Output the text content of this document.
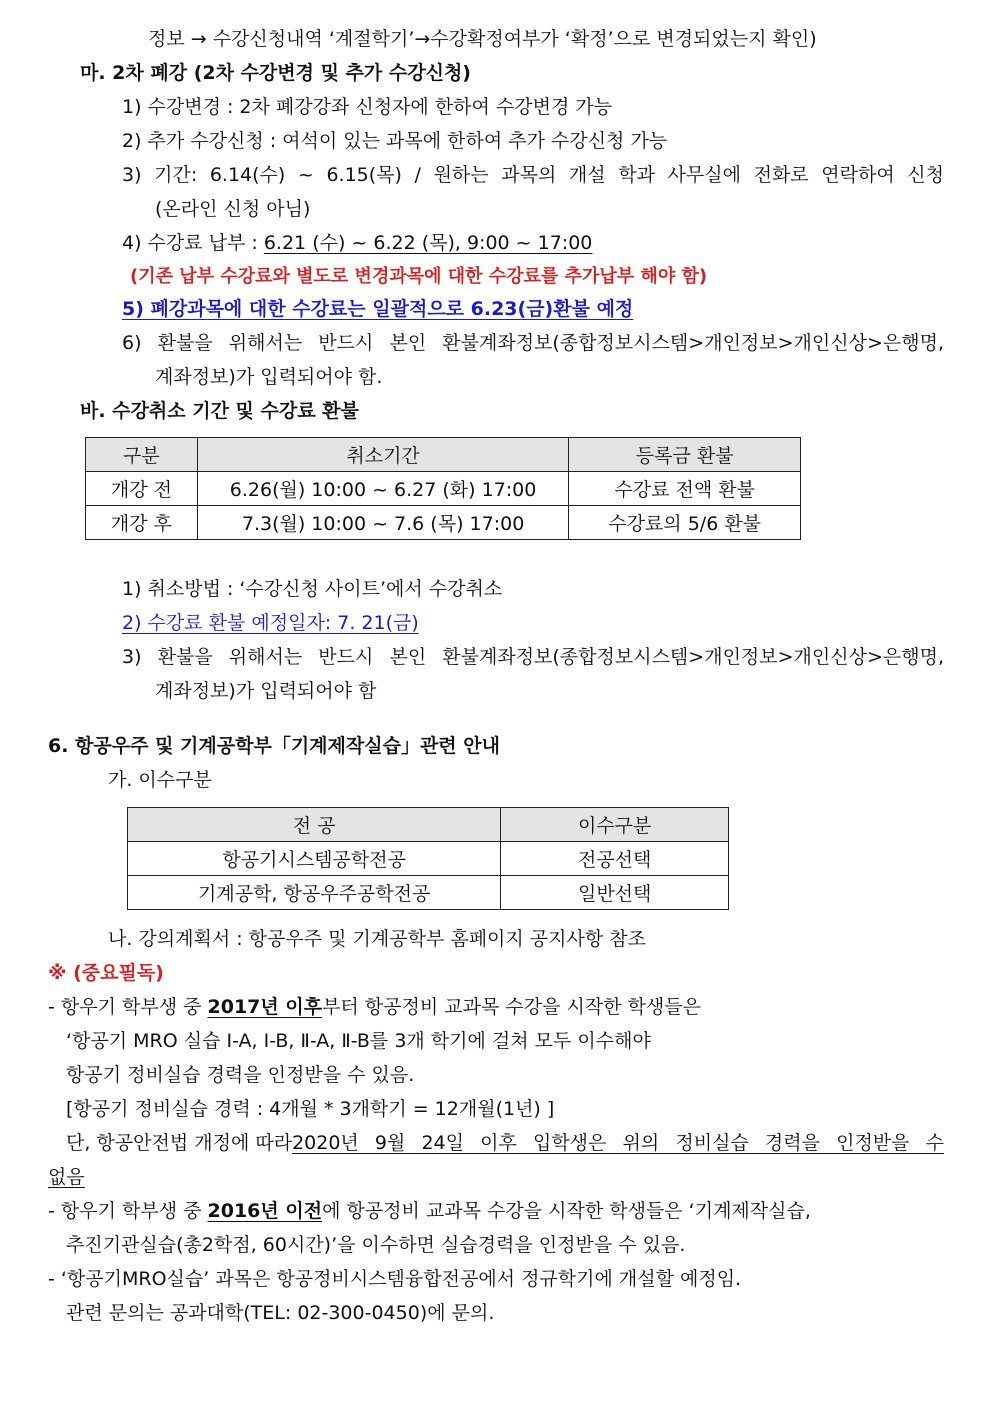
정보 → 수강신청내역 ‘계절학기’→수강확정여부가 ‘확정’으로 변경되었는지 확인)
마. 2차 폐강 (2차 수강변경 및 추가 수강신청)
1) 수강변경 : 2차 폐강강좌 신청자에 한하여 수강변경 가능
2) 추가 수강신청 : 여석이 있는 과목에 한하여 추가 수강신청 가능
3) 기간: 6.14(수) ~ 6.15(목) / 원하는 과목의 개설 학과 사무실에 전화로 연락하여 신청
(온라인 신청 아님)
4) 수강료 납부 : 6.21 (수) ~ 6.22 (목), 9:00 ~ 17:00
(기존 납부 수강료와 별도로 변경과목에 대한 수강료를 추가납부 해야 함)
5) 폐강과목에 대한 수강료는 일괄적으로 6.23(금)환불 예정
6) 환불을 위해서는 반드시 본인 환불계좌정보(종합정보시스템>개인정보>개인신상>은행명,
계좌정보)가 입력되어야 함.
바. 수강취소 기간 및 수강료 환불
구분	취소기간	등록금 환불
개강 전	6.26(월) 10:00 ~ 6.27 (화) 17:00	수강료 전액 환불
개강 후	7.3(월) 10:00 ~ 7.6 (목) 17:00	수강료의 5/6 환불
1) 취소방법 : ‘수강신청 사이트’에서 수강취소
2) 수강료 환불 예정일자: 7. 21(금)
3) 환불을 위해서는 반드시 본인 환불계좌정보(종합정보시스템>개인정보>개인신상>은행명,
계좌정보)가 입력되어야 함
6. 항공우주 및 기계공학부「기계제작실습」관련 안내
가. 이수구분
전 공	이수구분
항공기시스템공학전공	전공선택
기계공학, 항공우주공학전공	일반선택
나. 강의계획서 : 항공우주 및 기계공학부 홈페이지 공지사항 참조
※ (중요필독)
- 항우기 학부생 중 2017년 이후부터 항공정비 교과목 수강을 시작한 학생들은
‘항공기 MRO 실습 Ⅰ-A, Ⅰ-B, Ⅱ-A, Ⅱ-B를 3개 학기에 걸쳐 모두 이수해야
항공기 정비실습 경력을 인정받을 수 있음.
[항공기 정비실습 경력 : 4개월 * 3개학기 = 12개월(1년) ]
단, 항공안전법 개정에 따라 2020년 9월 24일 이후 입학생은 위의 정비실습 경력을 인정받을 수
없음
- 항우기 학부생 중 2016년 이전에 항공정비 교과목 수강을 시작한 학생들은 ‘기계제작실습,
추진기관실습(총2학점, 60시간)’을 이수하면 실습경력을 인정받을 수 있음.
- ‘항공기MRO실습’ 과목은 항공정비시스템융합전공에서 정규학기에 개설할 예정임.
관련 문의는 공과대학(TEL: 02-300-0450)에 문의.
